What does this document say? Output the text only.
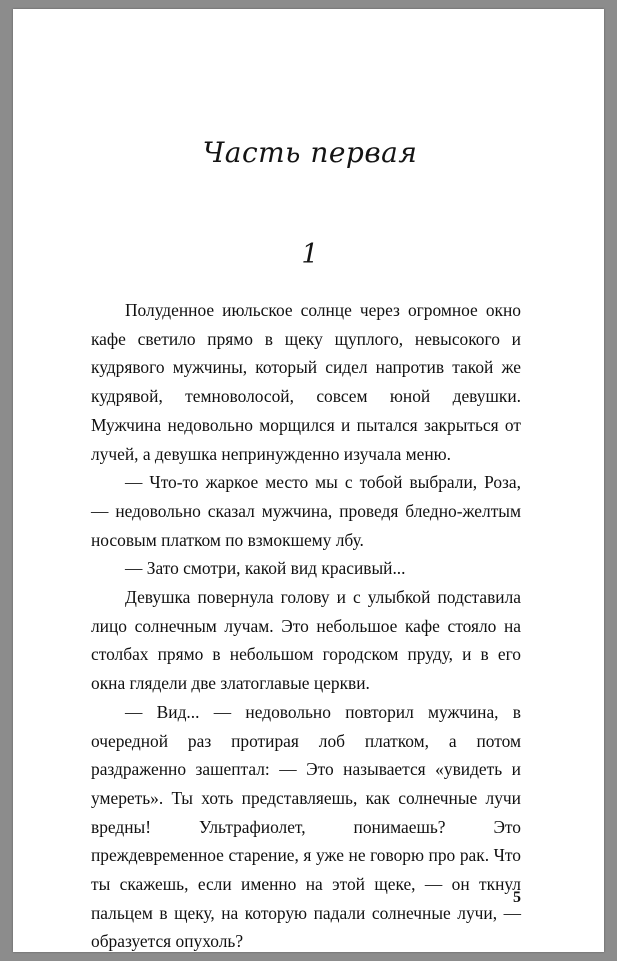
Часть первая
1

Полуденное июльское солнце через огромное окно кафе светило прямо в щеку щуплого, невысокого и кудрявого мужчины, который сидел напротив такой же кудрявой, темноволосой, совсем юной девушки. Мужчина недовольно морщился и пытался закрыться от лучей, а девушка непринужденно изучала меню.

— Что-то жаркое место мы с тобой выбрали, Роза, — недовольно сказал мужчина, проведя бледно-желтым носовым платком по взмокшему лбу.

— Зато смотри, какой вид красивый...

Девушка повернула голову и с улыбкой подставила лицо солнечным лучам. Это небольшое кафе стояло на столбах прямо в небольшом городском пруду, и в его окна глядели две златоглавые церкви.

— Вид... — недовольно повторил мужчина, в очередной раз протирая лоб платком, а потом раздраженно зашептал: — Это называется «увидеть и умереть». Ты хоть представляешь, как солнечные лучи вредны! Ультрафиолет, понимаешь? Это преждевременное старение, я уже не говорю про рак. Что ты скажешь, если именно на этой щеке, — он ткнул пальцем в щеку, на которую падали солнечные лучи, — образуется опухоль?

5
